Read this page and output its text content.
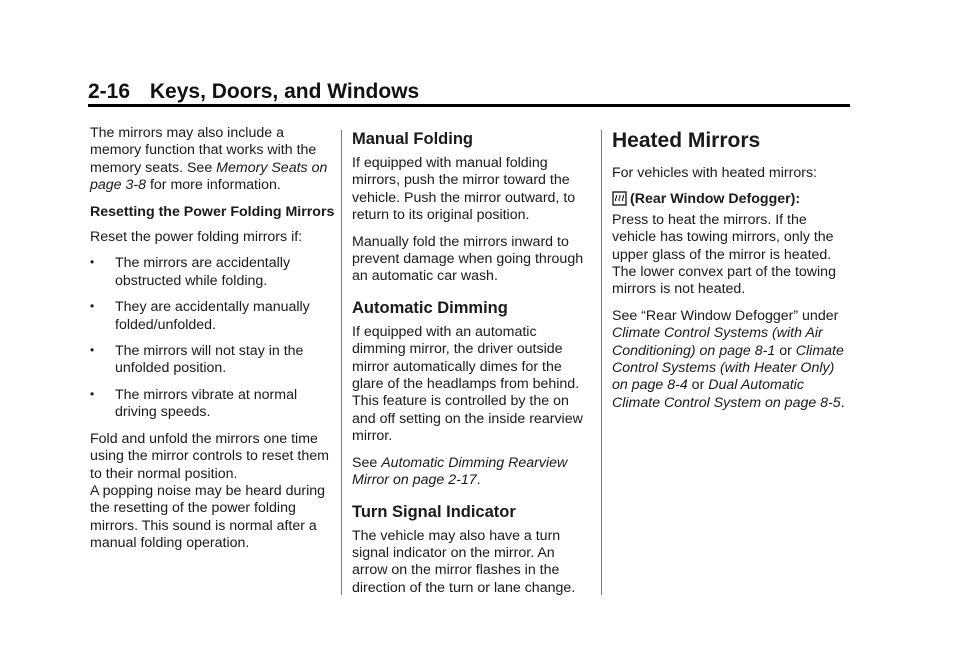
2-16 Keys, Doors, and Windows

The mirrors may also include a memory function that works with the memory seats. See Memory Seats on page 3-8 for more information.

Resetting the Power Folding Mirrors

Reset the power folding mirrors if:

• The mirrors are accidentally obstructed while folding.
• They are accidentally manually folded/unfolded.
• The mirrors will not stay in the unfolded position.
• The mirrors vibrate at normal driving speeds.
Fold and unfold the mirrors one time using the mirror controls to reset them to their normal position.
A popping noise may be heard during the resetting of the power folding mirrors. This sound is normal after a manual folding operation.
Manual Folding

If equipped with manual folding mirrors, push the mirror toward the vehicle. Push the mirror outward, to return to its original position.

Manually fold the mirrors inward to prevent damage when going through an automatic car wash.

Automatic Dimming

If equipped with an automatic dimming mirror, the driver outside mirror automatically dimes for the glare of the headlamps from behind. This feature is controlled by the on and off setting on the inside rearview mirror.

See Automatic Dimming Rearview Mirror on page 2-17.

Turn Signal Indicator

The vehicle may also have a turn signal indicator on the mirror. An arrow on the mirror flashes in the direction of the turn or lane change.

Heated Mirrors

For vehicles with heated mirrors:

(Rear Window Defogger):
Press to heat the mirrors. If the vehicle has towing mirrors, only the upper glass of the mirror is heated. The lower convex part of the towing mirrors is not heated.

See “Rear Window Defogger” under Climate Control Systems (with Air Conditioning) on page 8-1 or Climate Control Systems (with Heater Only) on page 8-4 or Dual Automatic Climate Control System on page 8-5.
